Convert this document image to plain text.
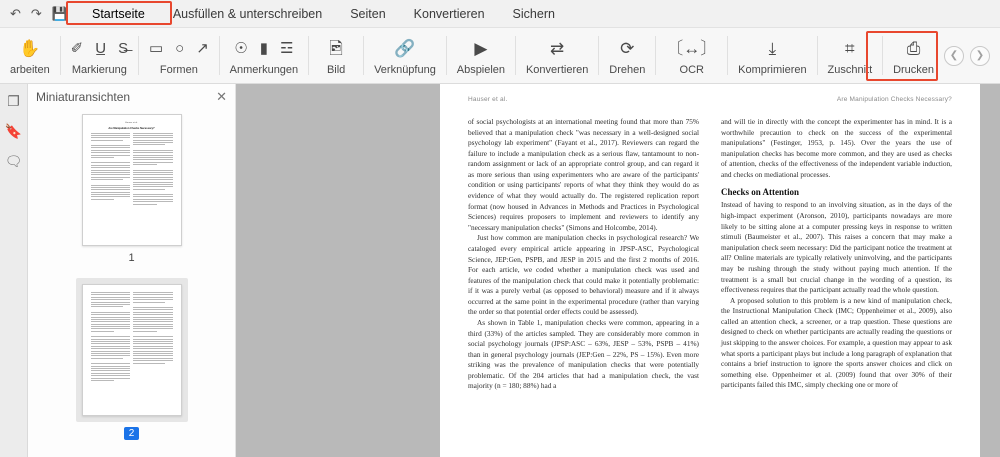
↶ ↷ 💾 Startseite Ausfüllen & unterschreiben Seiten Konvertieren Sichern
✋
arbeiten
✐ U̲ S̶
Markierung
▭ ○ ↗
Formen
☉ ▮ ☲
Anmerkungen
🖻
Bild
🔗
Verknüpfung
▶
Abspielen
⇄
Konvertieren
⟳
Drehen
〔↔〕
OCR
⤓
Komprimieren
⌗
Zuschnitt
⎙
Drucken
❮	❯
❐
🔖
🗨
Miniaturansichten	✕
Hauser et al.
Are Manipulation Checks Necessary?
1
2
Hauser et al.	Are Manipulation Checks Necessary?

of social psychologists at an international meeting found that more than 75% believed that a manipulation check "was necessary in a well-designed social psychology lab experiment" (Fayant et al., 2017). Reviewers can regard the failure to include a manipulation check as a serious flaw, tantamount to non-random assignment or lack of an appropriate control group, and can regard it as more serious than using experimenters who are aware of the participants' condition or using participants' reports of what they think they would do as evidence of what they would actually do. The registered replication report format (now housed in Advances in Methods and Practices in Psychological Sciences) requires proposers to implement and reviewers to identify any "necessary manipulation checks" (Simons and Holcombe, 2014).

Just how common are manipulation checks in psychological research? We cataloged every empirical article appearing in JPSP-ASC, Psychological Science, JEP:Gen, PSPB, and JESP in 2015 and the first 2 months of 2016. For each article, we coded whether a manipulation check was used and features of the manipulation check that could make it potentially problematic: if it was a purely verbal (as opposed to behavioral) measure and if it always occurred at the same point in the experimental procedure (rather than varying the order so that potential order effects could be assessed).

As shown in Table 1, manipulation checks were common, appearing in a third (33%) of the articles sampled. They are considerably more common in social psychology journals (JPSP:ASC – 63%, JESP – 53%, PSPB – 41%) than in general psychology journals (JEP:Gen – 22%, PS – 15%). Even more striking was the prevalence of manipulation checks that were potentially problematic. Of the 204 articles that had a manipulation check, the vast majority (n = 180; 88%) had a

and will tie in directly with the concept the experimenter has in mind. It is a worthwhile precaution to check on the success of the experimental manipulations" (Festinger, 1953, p. 145). Over the years the use of manipulation checks has become more common, and they are used as checks of attention, checks of the effectiveness of the independent variable induction, and checks on mediational processes.

Checks on Attention

Instead of having to respond to an involving situation, as in the days of the high-impact experiment (Aronson, 2010), participants nowadays are more likely to be sitting alone at a computer pressing keys in response to written stimuli (Baumeister et al., 2007). This raises a concern that may make a manipulation check seem necessary: Did the participant notice the treatment at all? Online materials are typically relatively uninvolving, and the participants may be rushing through the study without paying much attention. If the treatment is a small but crucial change in the wording of a question, its effectiveness requires that the participant actually read the whole question.

A proposed solution to this problem is a new kind of manipulation check, the Instructional Manipulation Check (IMC; Oppenheimer et al., 2009), also called an attention check, a screener, or a trap question. These questions are designed to check on whether participants are actually reading the questions or just skipping to the answer choices. For example, a question may appear to ask what sports a participant plays but include a long paragraph of explanation that contains a brief instruction to ignore the sports answer choices and click on something else. Oppenheimer et al. (2009) found that over 30% of their participants failed this IMC, simply checking one or more of
